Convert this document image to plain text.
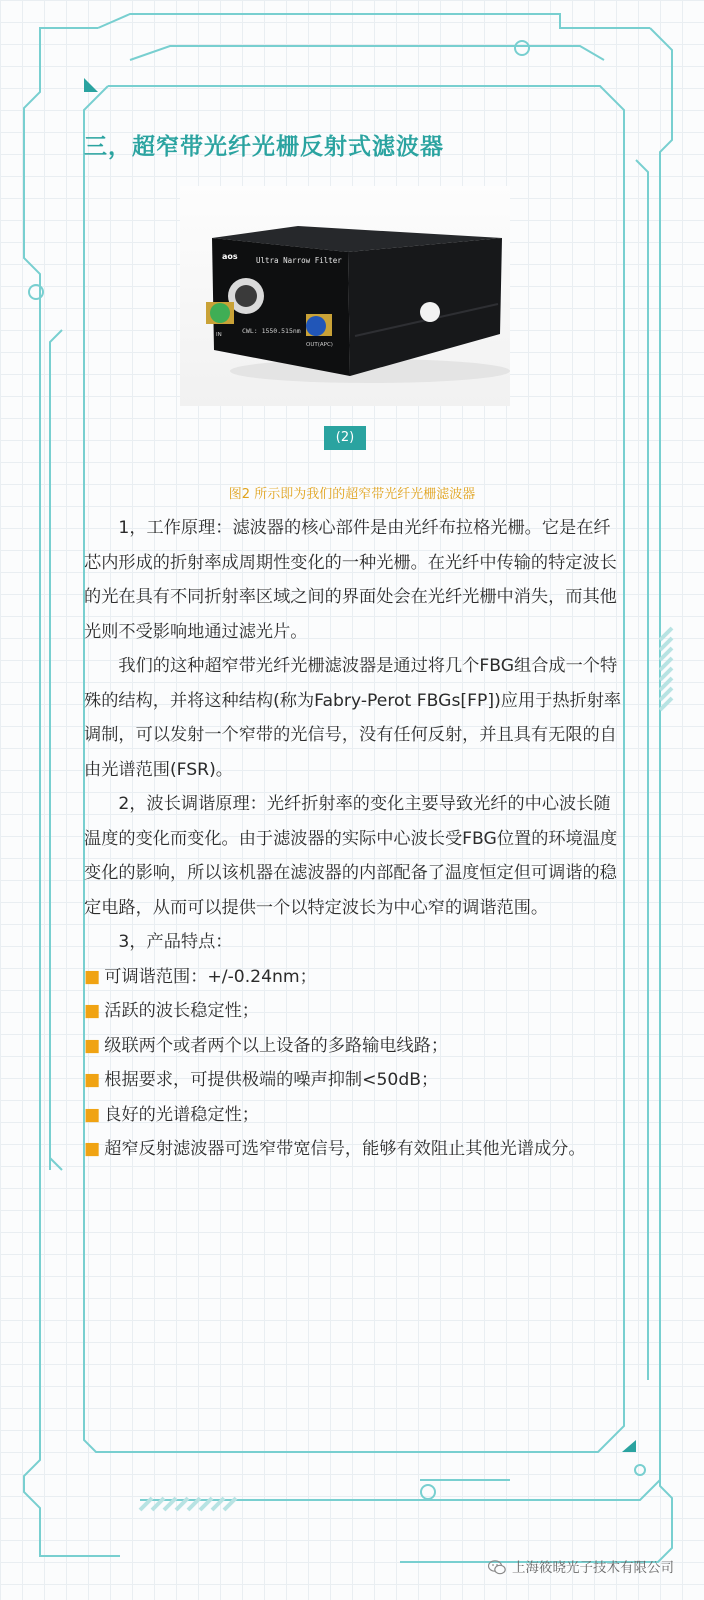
三，超窄带光纤光栅反射式滤波器
aos Ultra Narrow Filter
CWL: 1550.515nm
IN
OUT(APC)
(2)
图2 所示即为我们的超窄带光纤光栅滤波器

1，工作原理：滤波器的核心部件是由光纤布拉格光栅。它是在纤芯内形成的折射率成周期性变化的一种光栅。在光纤中传输的特定波长的光在具有不同折射率区域之间的界面处会在光纤光栅中消失，而其他光则不受影响地通过滤光片。

我们的这种超窄带光纤光栅滤波器是通过将几个FBG组合成一个特殊的结构，并将这种结构(称为Fabry-Perot FBGs[FP])应用于热折射率调制，可以发射一个窄带的光信号，没有任何反射，并且具有无限的自由光谱范围(FSR)。

2，波长调谐原理：光纤折射率的变化主要导致光纤的中心波长随温度的变化而变化。由于滤波器的实际中心波长受FBG位置的环境温度变化的影响，所以该机器在滤波器的内部配备了温度恒定但可调谐的稳定电路，从而可以提供一个以特定波长为中心窄的调谐范围。

3，产品特点：

■ 可调谐范围：+/-0.24nm；
■ 活跃的波长稳定性；
■ 级联两个或者两个以上设备的多路输电线路；
■ 根据要求，可提供极端的噪声抑制<50dB；
■ 良好的光谱稳定性；
■ 超窄反射滤波器可选窄带宽信号，能够有效阻止其他光谱成分。
上海筱晓光子技术有限公司
